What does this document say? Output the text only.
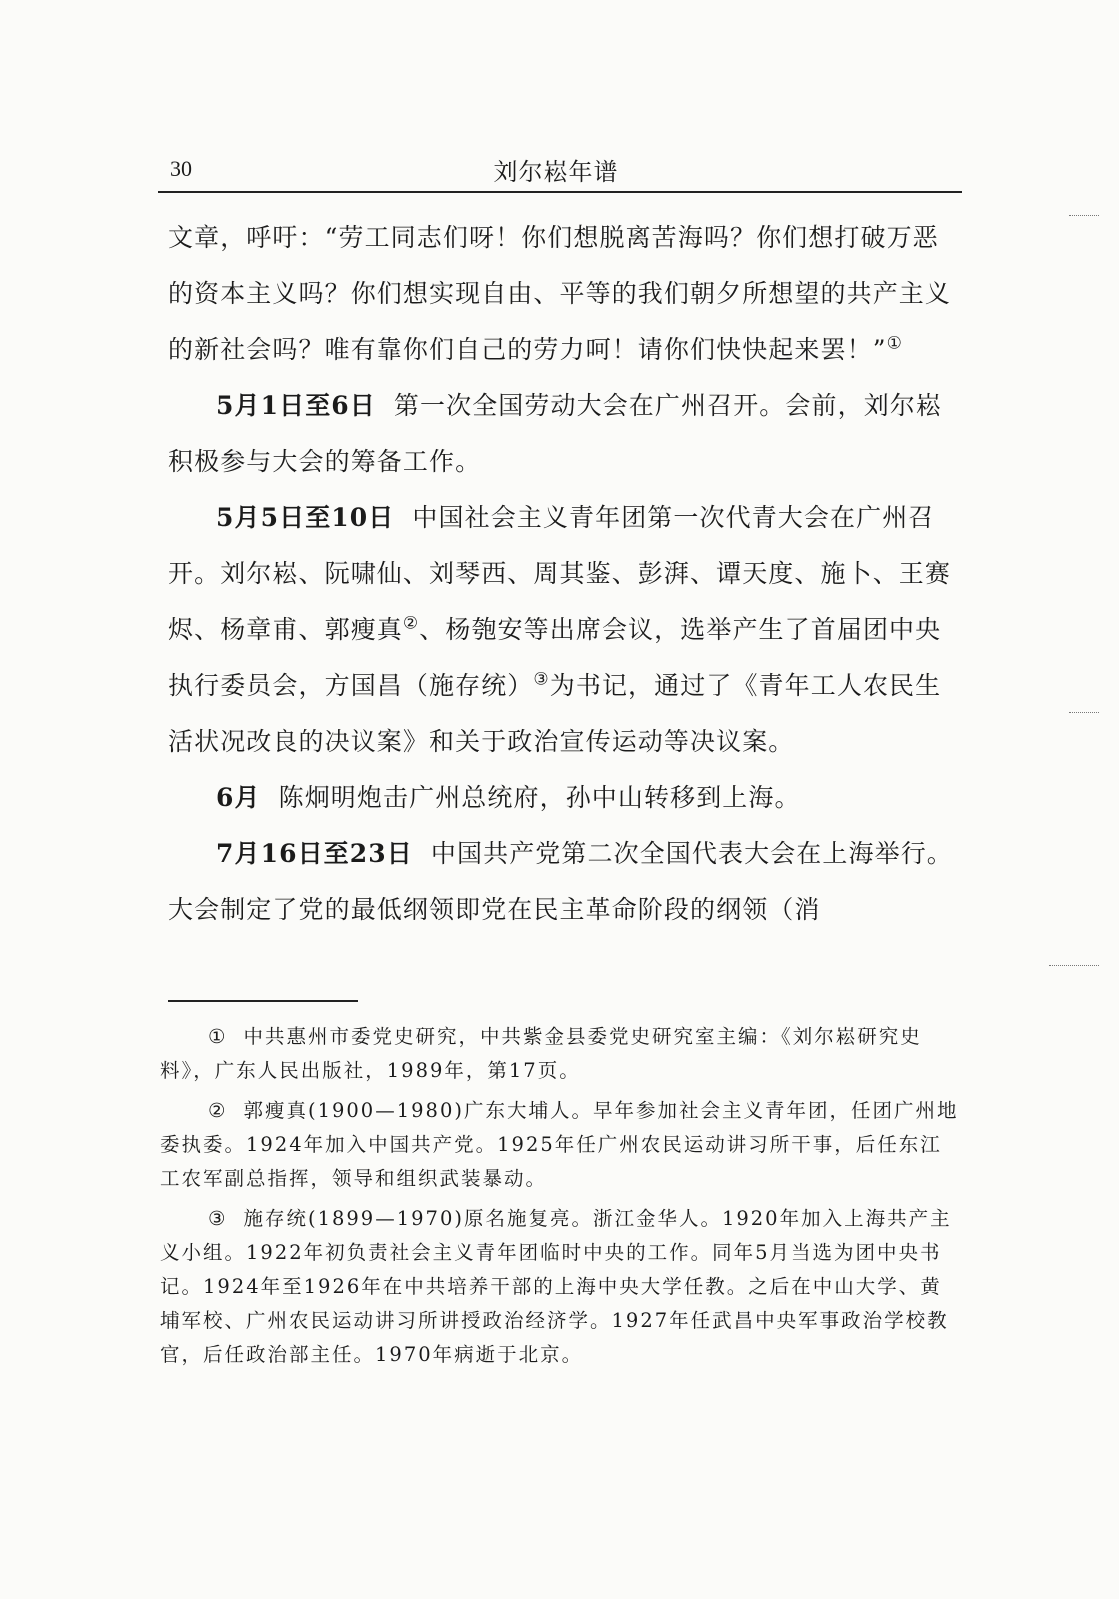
30	刘尔崧年谱

文章，呼吁：“劳工同志们呀！你们想脱离苦海吗？你们想打破万恶的资本主义吗？你们想实现自由、平等的我们朝夕所想望的共产主义的新社会吗？唯有靠你们自己的劳力呵！请你们快快起来罢！”①

5月1日至6日 第一次全国劳动大会在广州召开。会前，刘尔崧积极参与大会的筹备工作。

5月5日至10日 中国社会主义青年团第一次代青大会在广州召开。刘尔崧、阮啸仙、刘琴西、周其鉴、彭湃、谭天度、施卜、王赛烬、杨章甫、郭瘦真②、杨匏安等出席会议，选举产生了首届团中央执行委员会，方国昌（施存统）③为书记，通过了《青年工人农民生活状况改良的决议案》和关于政治宣传运动等决议案。

6月 陈炯明炮击广州总统府，孙中山转移到上海。

7月16日至23日 中国共产党第二次全国代表大会在上海举行。大会制定了党的最低纲领即党在民主革命阶段的纲领（消

① 中共惠州市委党史研究，中共紫金县委党史研究室主编：《刘尔崧研究史料》，广东人民出版社，1989年，第17页。

② 郭瘦真(1900—1980)广东大埔人。早年参加社会主义青年团，任团广州地委执委。1924年加入中国共产党。1925年任广州农民运动讲习所干事，后任东江工农军副总指挥，领导和组织武装暴动。

③ 施存统(1899—1970)原名施复亮。浙江金华人。1920年加入上海共产主义小组。1922年初负责社会主义青年团临时中央的工作。同年5月当选为团中央书记。1924年至1926年在中共培养干部的上海中央大学任教。之后在中山大学、黄埔军校、广州农民运动讲习所讲授政治经济学。1927年任武昌中央军事政治学校教官，后任政治部主任。1970年病逝于北京。
